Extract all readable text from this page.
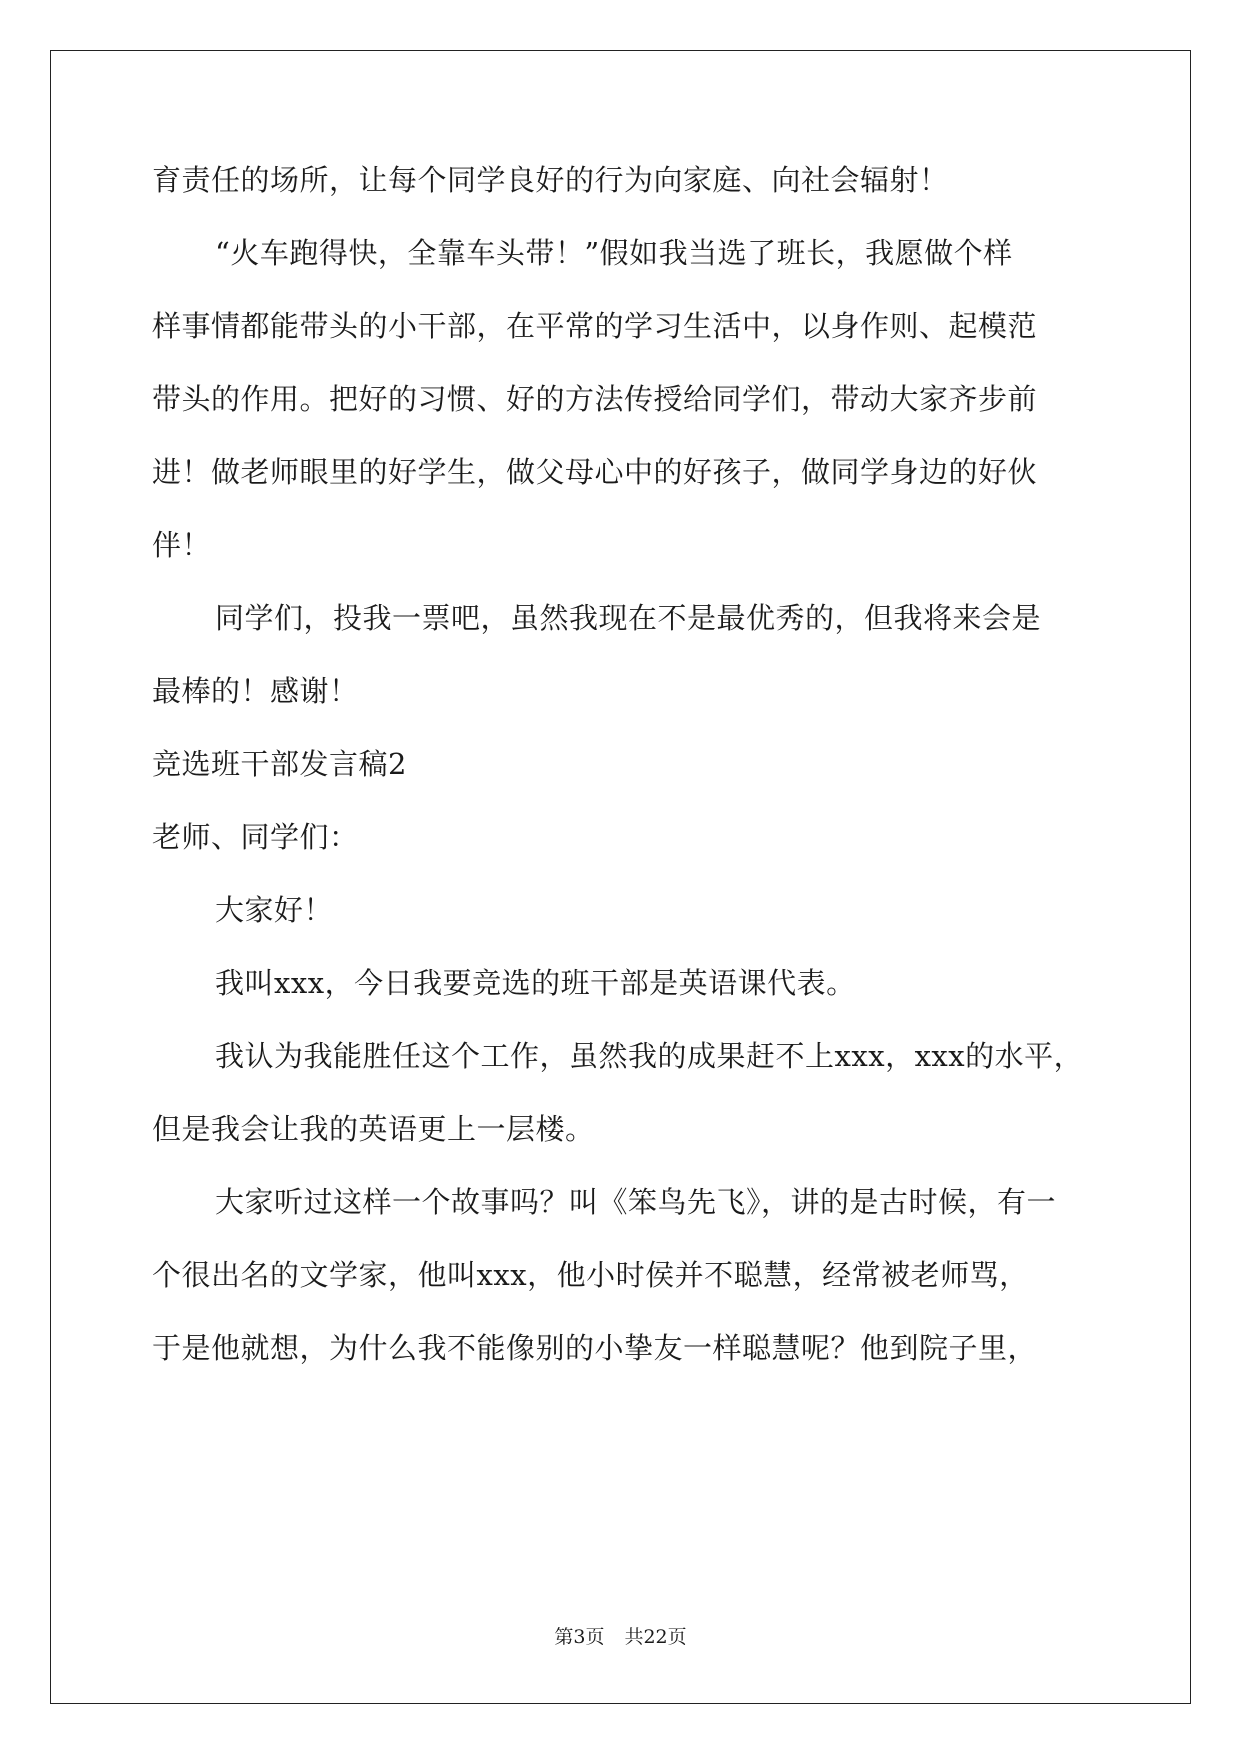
育责任的场所，让每个同学良好的行为向家庭、向社会辐射！
“火车跑得快，全靠车头带！”假如我当选了班长，我愿做个样
样事情都能带头的小干部，在平常的学习生活中，以身作则、起模范
带头的作用。把好的习惯、好的方法传授给同学们，带动大家齐步前
进！做老师眼里的好学生，做父母心中的好孩子，做同学身边的好伙
伴！
同学们，投我一票吧，虽然我现在不是最优秀的，但我将来会是
最棒的！感谢！
竞选班干部发言稿2
老师、同学们：
大家好！
我叫xxx，今日我要竞选的班干部是英语课代表。
我认为我能胜任这个工作，虽然我的成果赶不上xxx，xxx的水平，
但是我会让我的英语更上一层楼。
大家听过这样一个故事吗？叫《笨鸟先飞》，讲的是古时候，有一
个很出名的文学家，他叫xxx，他小时侯并不聪慧，经常被老师骂，
于是他就想，为什么我不能像别的小挚友一样聪慧呢？他到院子里，
第3页 共22页
